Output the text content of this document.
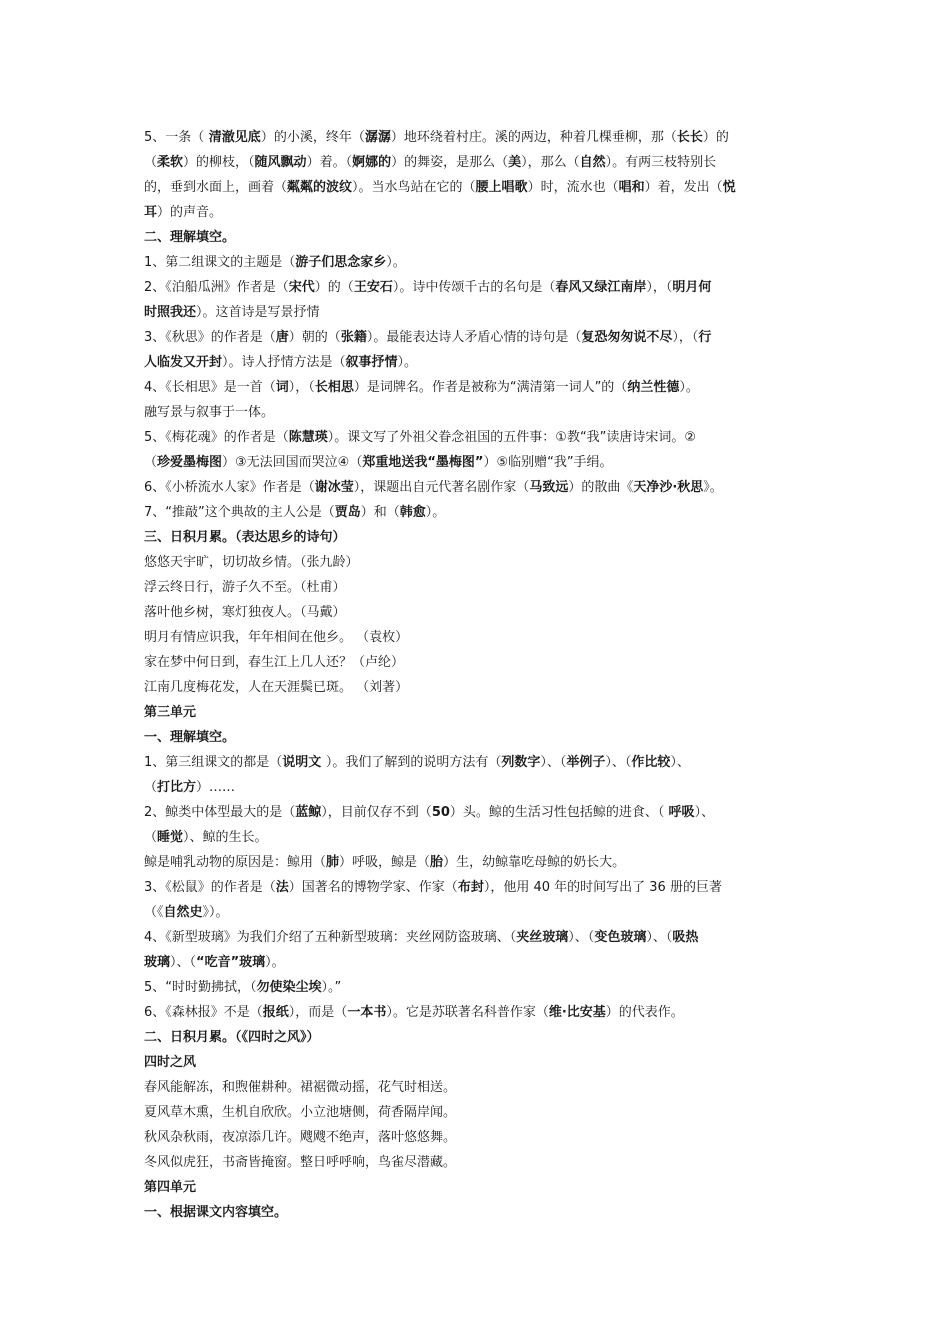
5、一条（ 清澈见底）的小溪，终年（潺潺）地环绕着村庄。溪的两边，种着几棵垂柳，那（长长）的
（柔软）的柳枝，（随风飘动）着。（婀娜的）的舞姿，是那么（美），那么（自然）。有两三枝特别长
的，垂到水面上，画着（粼粼的波纹）。当水鸟站在它的（腰上唱歌）时，流水也（唱和）着，发出（悦
耳）的声音。
二、理解填空。
1、第二组课文的主题是（游子们思念家乡）。
2、《泊船瓜洲》作者是（宋代）的（王安石）。诗中传颂千古的名句是（春风又绿江南岸），（明月何
时照我还）。这首诗是写景抒情
3、《秋思》的作者是（唐）朝的（张籍）。最能表达诗人矛盾心情的诗句是（复恐匆匆说不尽），（行
人临发又开封）。诗人抒情方法是（叙事抒情）。
4、《长相思》是一首（词），（长相思）是词牌名。作者是被称为“满清第一词人”的（纳兰性德）。
融写景与叙事于一体。
5、《梅花魂》的作者是（陈慧瑛）。课文写了外祖父眷念祖国的五件事：①教“我”读唐诗宋词。②
（珍爱墨梅图）③无法回国而哭泣④（郑重地送我“墨梅图”）⑤临别赠“我”手绢。
6、《小桥流水人家》作者是（谢冰莹），课题出自元代著名剧作家（马致远）的散曲《天净沙·秋思》。
7、“推敲”这个典故的主人公是（贾岛）和（韩愈）。
三、日积月累。（表达思乡的诗句）
悠悠天宇旷，切切故乡情。（张九龄）
浮云终日行，游子久不至。（杜甫）
落叶他乡树，寒灯独夜人。（马戴）
明月有情应识我，年年相间在他乡。 （袁枚）
家在梦中何日到，春生江上几人还？（卢纶）
江南几度梅花发，人在天涯鬓已斑。 （刘著）
第三单元
一、理解填空。
1、第三组课文的都是（说明文 ）。我们了解到的说明方法有（列数字）、（举例子）、（作比较）、
（打比方）……
2、鲸类中体型最大的是（蓝鲸），目前仅存不到（50）头。鲸的生活习性包括鲸的进食、（ 呼吸）、
（睡觉）、鲸的生长。
鲸是哺乳动物的原因是：鲸用（肺）呼吸，鲸是（胎）生，幼鲸靠吃母鲸的奶长大。
3、《松鼠》的作者是（法）国著名的博物学家、作家（布封），他用 40 年的时间写出了 36 册的巨著
（《自然史》）。
4、《新型玻璃》为我们介绍了五种新型玻璃：夹丝网防盗玻璃、（夹丝玻璃）、（变色玻璃）、（吸热
玻璃）、（“吃音”玻璃）。
5、“时时勤拂拭，（勿使染尘埃）。”
6、《森林报》不是（报纸），而是（一本书）。它是苏联著名科普作家（维·比安基）的代表作。
二、日积月累。（《四时之风》）
四时之风
春风能解冻，和煦催耕种。裙裾微动摇，花气时相送。
夏风草木熏，生机自欣欣。小立池塘侧，荷香隔岸闻。
秋风杂秋雨，夜凉添几许。飕飕不绝声，落叶悠悠舞。
冬风似虎狂，书斋皆掩窗。整日呼呼响，鸟雀尽潜藏。
第四单元
一、根据课文内容填空。
